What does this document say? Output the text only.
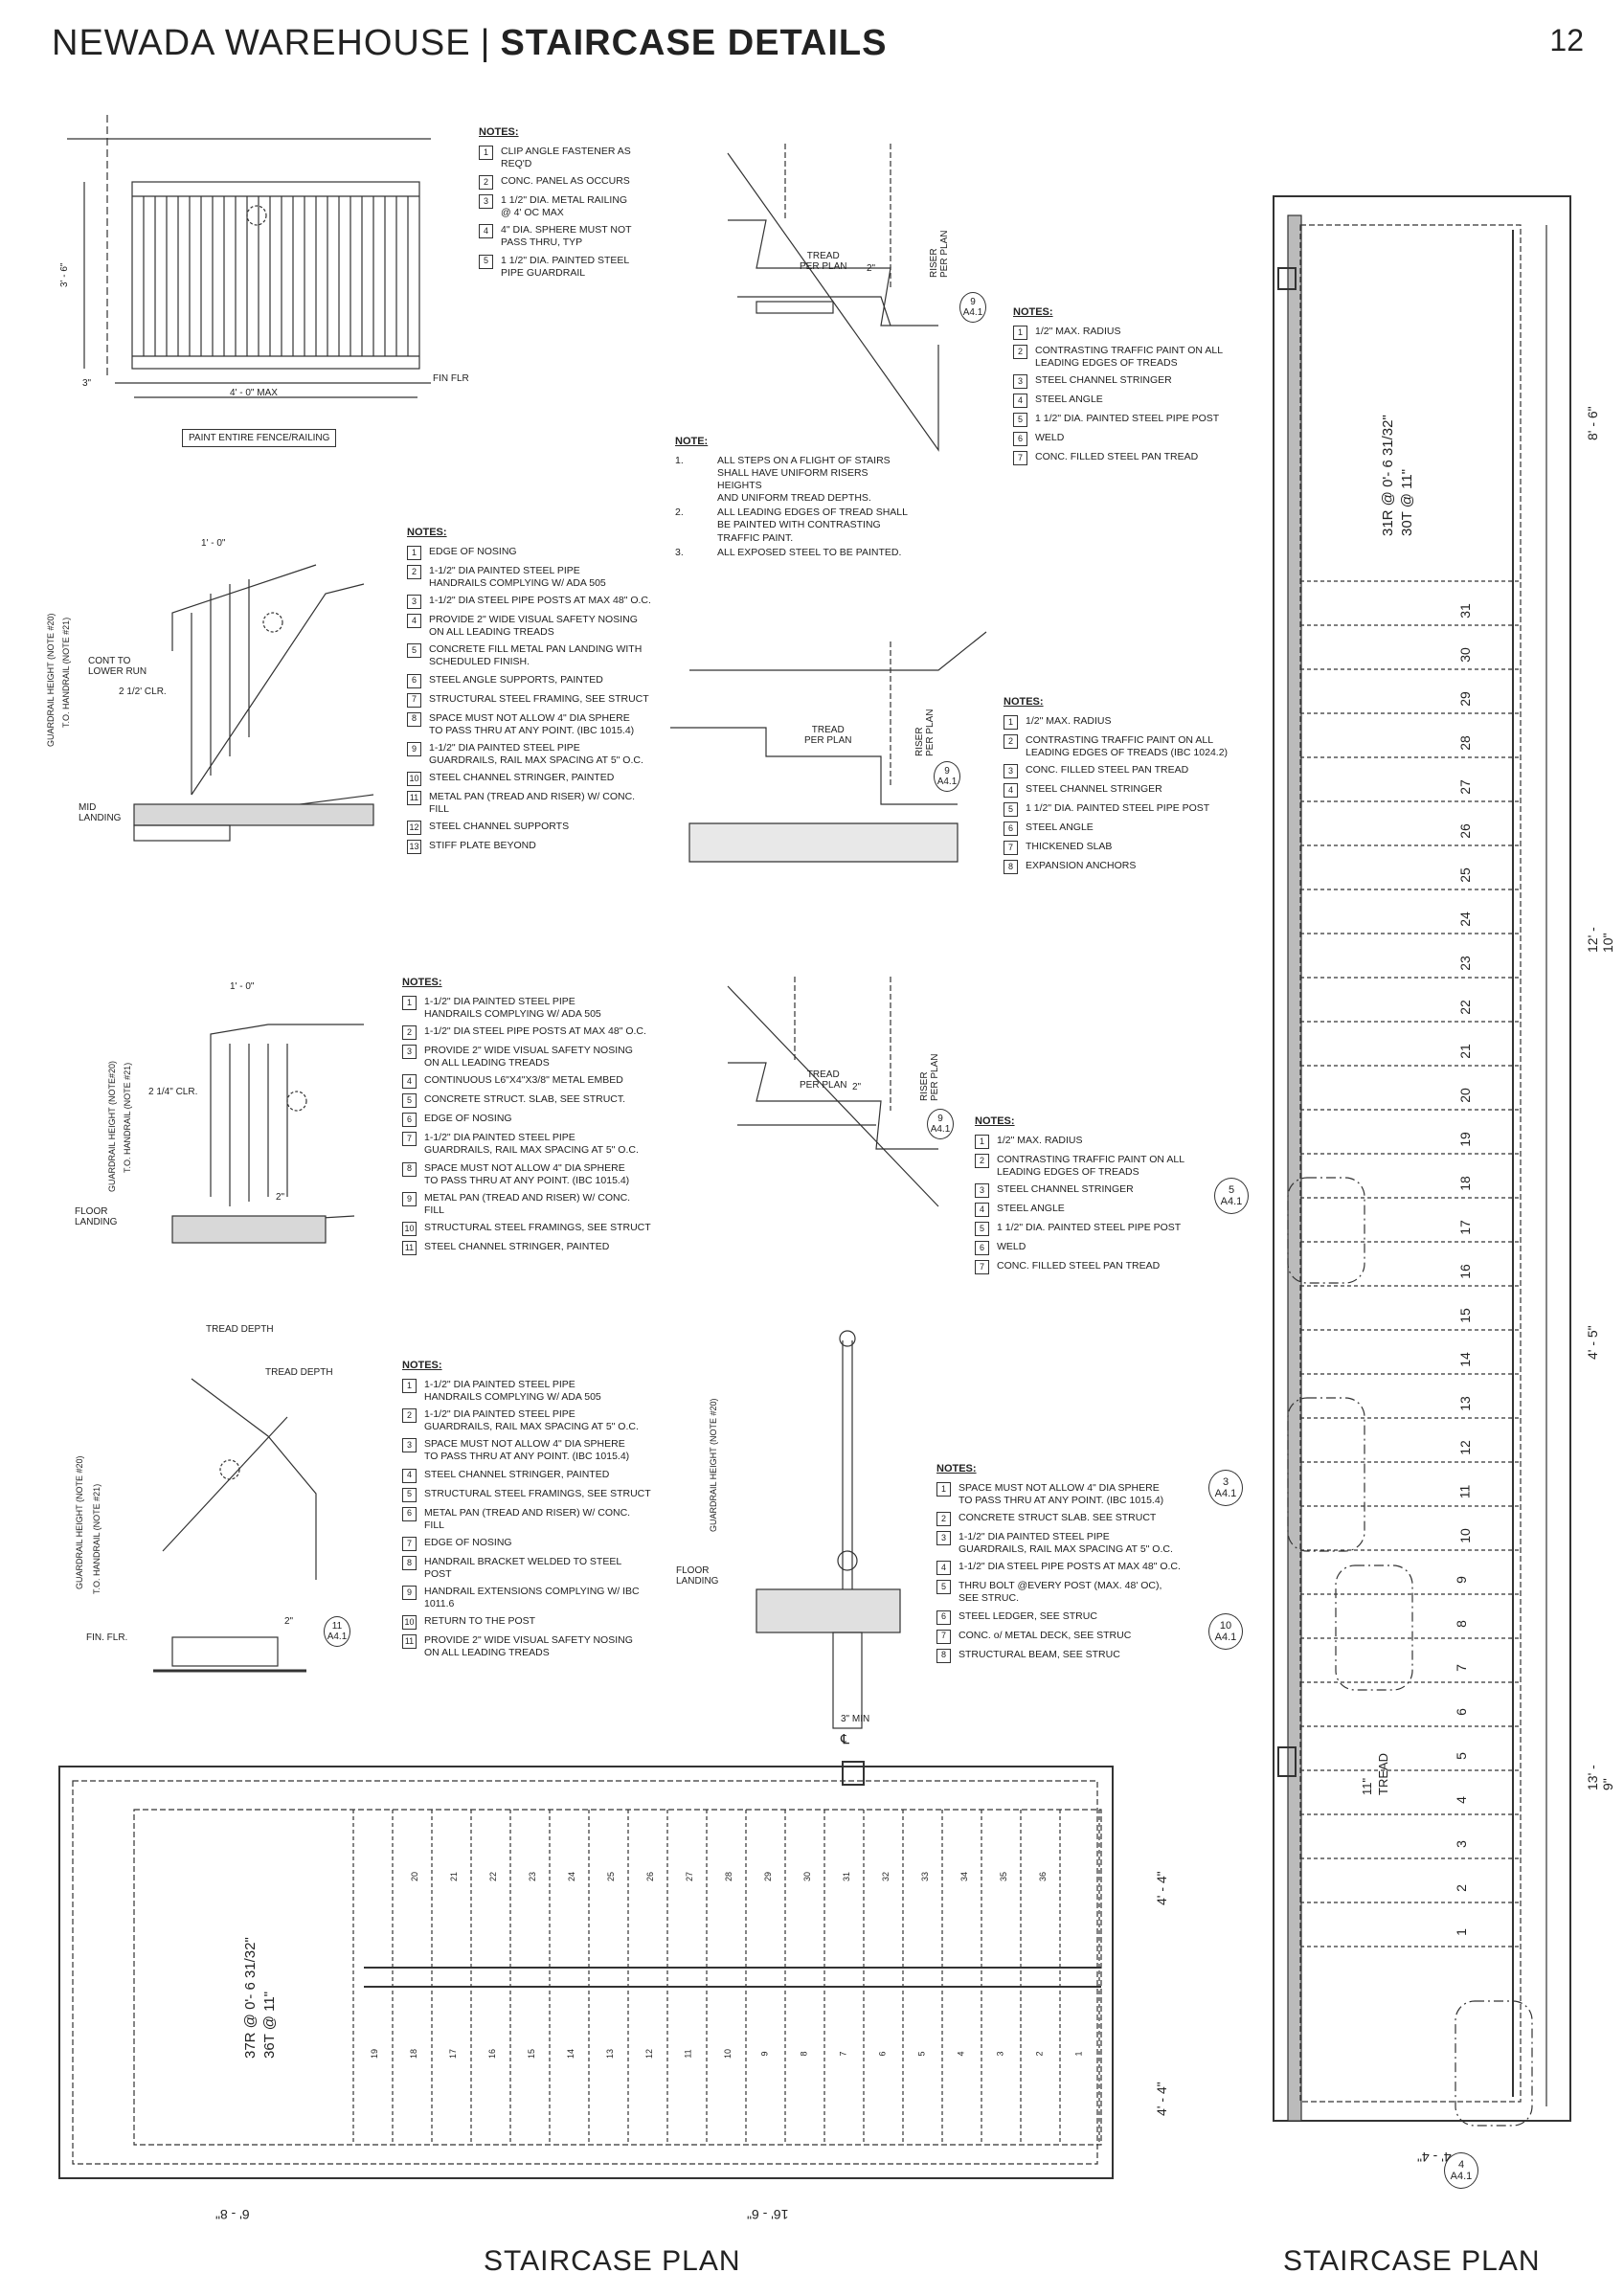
NEWADA WAREHOUSE | STAIRCASE DETAILS	12
NOTES:
1	CLIP ANGLE FASTENER AS
REQ'D
2	CONC. PANEL AS OCCURS
3	1 1/2" DIA. METAL RAILING
@ 4' OC MAX
4	4" DIA. SPHERE MUST NOT
PASS THRU, TYP
5	1 1/2" DIA. PAINTED STEEL
PIPE GUARDRAIL
NOTES:
1	1/2" MAX. RADIUS
2	CONTRASTING TRAFFIC PAINT ON ALL
LEADING EDGES OF TREADS
3	STEEL CHANNEL STRINGER
4	STEEL ANGLE
5	1 1/2" DIA. PAINTED STEEL PIPE POST
6	WELD
7	CONC. FILLED STEEL PAN TREAD
NOTE:
1.	ALL STEPS ON A FLIGHT OF STAIRS
SHALL HAVE UNIFORM RISERS HEIGHTS
AND UNIFORM TREAD DEPTHS.
2.	ALL LEADING EDGES OF TREAD SHALL
BE PAINTED WITH CONTRASTING
TRAFFIC PAINT.
3.	ALL EXPOSED STEEL TO BE PAINTED.
NOTES:
1	EDGE OF NOSING
2	1-1/2" DIA PAINTED STEEL PIPE
HANDRAILS COMPLYING W/ ADA 505
3	1-1/2" DIA STEEL PIPE POSTS AT MAX 48" O.C.
4	PROVIDE 2" WIDE VISUAL SAFETY NOSING
ON ALL LEADING TREADS
5	CONCRETE FILL METAL PAN LANDING WITH
SCHEDULED FINISH.
6	STEEL ANGLE SUPPORTS, PAINTED
7	STRUCTURAL STEEL FRAMING, SEE STRUCT
8	SPACE MUST NOT ALLOW 4" DIA SPHERE
TO PASS THRU AT ANY POINT. (IBC 1015.4)
9	1-1/2" DIA PAINTED STEEL PIPE
GUARDRAILS, RAIL MAX SPACING AT 5" O.C.
10 STEEL CHANNEL STRINGER, PAINTED
11 METAL PAN (TREAD AND RISER) W/ CONC. FILL
12 STEEL CHANNEL SUPPORTS
13 STIFF PLATE BEYOND
NOTES:
1	1/2" MAX. RADIUS
2	CONTRASTING TRAFFIC PAINT ON ALL
LEADING EDGES OF TREADS (IBC 1024.2)
3	CONC. FILLED STEEL PAN TREAD
4	STEEL CHANNEL STRINGER
5	1 1/2" DIA. PAINTED STEEL PIPE POST
6	STEEL ANGLE
7	THICKENED SLAB
8	EXPANSION ANCHORS
NOTES:
1	1-1/2" DIA PAINTED STEEL PIPE
HANDRAILS COMPLYING W/ ADA 505
2	1-1/2" DIA STEEL PIPE POSTS AT MAX 48" O.C.
3	PROVIDE 2" WIDE VISUAL SAFETY NOSING
ON ALL LEADING TREADS
4	CONTINUOUS L6"X4"X3/8" METAL EMBED
5	CONCRETE STRUCT. SLAB, SEE STRUCT.
6	EDGE OF NOSING
7	1-1/2" DIA PAINTED STEEL PIPE
GUARDRAILS, RAIL MAX SPACING AT 5" O.C.
8	SPACE MUST NOT ALLOW 4" DIA SPHERE
TO PASS THRU AT ANY POINT. (IBC 1015.4)
9	METAL PAN (TREAD AND RISER) W/ CONC. FILL
10 STRUCTURAL STEEL FRAMINGS, SEE STRUCT
11 STEEL CHANNEL STRINGER, PAINTED
NOTES:
1	1/2" MAX. RADIUS
2	CONTRASTING TRAFFIC PAINT ON ALL
LEADING EDGES OF TREADS
3	STEEL CHANNEL STRINGER
4	STEEL ANGLE
5	1 1/2" DIA. PAINTED STEEL PIPE POST
6	WELD
7	CONC. FILLED STEEL PAN TREAD
NOTES:
1	1-1/2" DIA PAINTED STEEL PIPE
HANDRAILS COMPLYING W/ ADA 505
2	1-1/2" DIA PAINTED STEEL PIPE
GUARDRAILS, RAIL MAX SPACING AT 5" O.C.
3	SPACE MUST NOT ALLOW 4" DIA SPHERE
TO PASS THRU AT ANY POINT. (IBC 1015.4)
4	STEEL CHANNEL STRINGER, PAINTED
5	STRUCTURAL STEEL FRAMINGS, SEE STRUCT
6	METAL PAN (TREAD AND RISER) W/ CONC. FILL
7	EDGE OF NOSING
8	HANDRAIL BRACKET WELDED TO STEEL POST
9	HANDRAIL EXTENSIONS COMPLYING W/ IBC
1011.6
10 RETURN TO THE POST
11 PROVIDE 2" WIDE VISUAL SAFETY NOSING
ON ALL LEADING TREADS
NOTES:
1	SPACE MUST NOT ALLOW 4" DIA SPHERE
TO PASS THRU AT ANY POINT. (IBC 1015.4)
2	CONCRETE STRUCT SLAB. SEE STRUCT
3	1-1/2" DIA PAINTED STEEL PIPE
GUARDRAILS, RAIL MAX SPACING AT 5" O.C.
4	1-1/2" DIA STEEL PIPE POSTS AT MAX 48" O.C.
5	THRU BOLT @EVERY POST (MAX. 48' OC),
SEE STRUC.
6	STEEL LEDGER, SEE STRUC
7	CONC. o/ METAL DECK, SEE STRUC
8	STRUCTURAL BEAM, SEE STRUC
3' - 6"
4' - 0" MAX
3"	FIN FLR
PAINT ENTIRE FENCE/RAILING
TREAD
PER PLAN	RISER
PER PLAN
2"
9
A4.1
1' - 0"
GUARDRAIL HEIGHT (NOTE #20) T.O. HANDRAIL (NOTE #21) CONT TO
LOWER RUN
2 1/2' CLR.
MID
LANDING
TREAD
PER PLAN	RISER
PER PLAN
9
A4.1
1' - 0"
2 1/4" CLR.
GUARDRAIL HEIGHT (NOTE#20) T.O. HANDRAIL (NOTE #21)
FLOOR
LANDING
2"
TREAD
PER PLAN	RISER
PER PLAN
2"
9
A4.1
TREAD DEPTH
TREAD DEPTH
GUARDRAIL HEIGHT (NOTE #20) T.O. HANDRAIL (NOTE #21)
FIN. FLR.
2"	11
A4.1
GUARDRAIL HEIGHT (NOTE #20)
FLOOR
LANDING
3" MIN
℄
37R @ 0'- 6 31/32"
36T @ 11"
4' - 4"
4' - 4"
6' - 8"	16' - 6"
20	21	22	23	24	25	26	27	28	29	30	31	32	33	34	35	36
19	18	17	16	15	14	13	12	11	10	9	8	7	6	5	4	3	2	1
STAIRCASE PLAN
31R @ 0'- 6 31/32"
30T @ 11"
8' - 6"
12' - 10"
4' - 5"
13' - 9"
4' - 4"
11"
TREAD
31
30
29
28
27
26
25
24
23
22
21
20
19
18
17
16
15
14
13
12
11
10
9
8
7
6
5
4
3
2
1
5
A4.1
3
A4.1
10
A4.1
4
A4.1
STAIRCASE PLAN
